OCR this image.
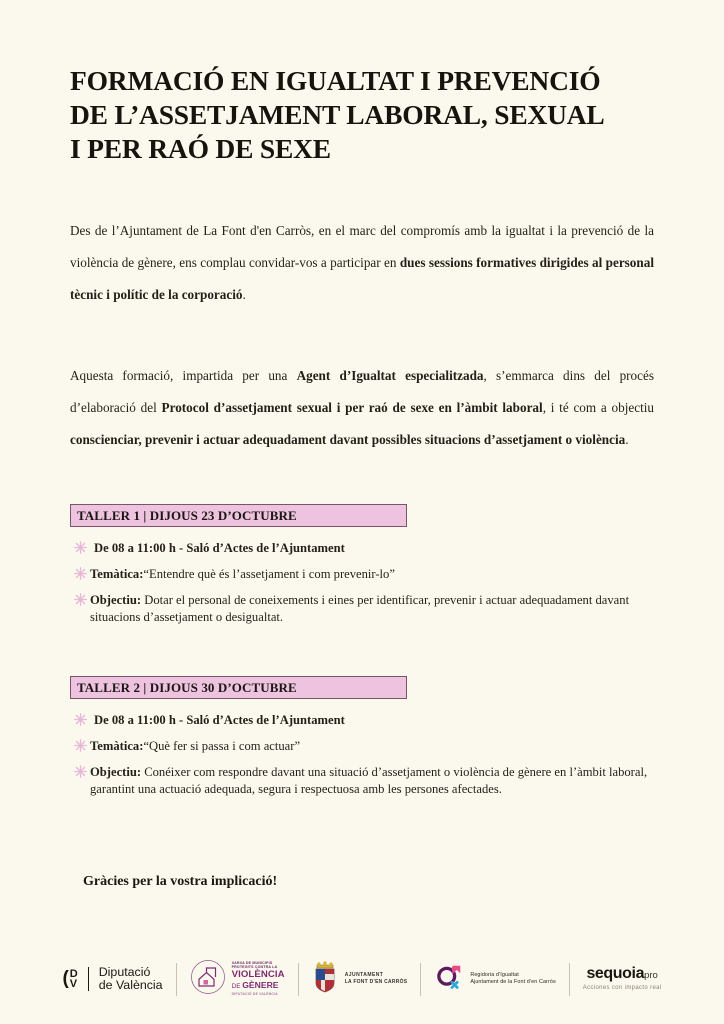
FORMACIÓ EN IGUALTAT I PREVENCIÓ
DE L’ASSETJAMENT LABORAL, SEXUAL
I PER RAÓ DE SEXE
Des de l’Ajuntament de La Font d'en Carròs, en el marc del compromís amb la igualtat i la prevenció de la violència de gènere, ens complau convidar-vos a participar en dues sessions formatives dirigides al personal tècnic i polític de la corporació.
Aquesta formació, impartida per una Agent d’Igualtat especialitzada, s’emmarca dins del procés d’elaboració del Protocol d’assetjament sexual i per raó de sexe en l’àmbit laboral, i té com a objectiu conscienciar, prevenir i actuar adequadament davant possibles situacions d’assetjament o violència.
TALLER 1 | DIJOUS 23 D’OCTUBRE
De 08 a 11:00 h - Saló d’Actes de l’Ajuntament
Temàtica:“Entendre què és l’assetjament i com prevenir-lo”
Objectiu: Dotar el personal de coneixements i eines per identificar, prevenir i actuar adequadament davant situacions d’assetjament o desigualtat.
TALLER 2 | DIJOUS 30 D’OCTUBRE
De 08 a 11:00 h - Saló d’Actes de l’Ajuntament
Temàtica:“Què fer si passa i com actuar”
Objectiu: Conéixer com respondre davant una situació d’assetjament o violència de gènere en l’àmbit laboral, garantint una actuació adequada, segura i respectuosa amb les persones afectades.
Gràcies per la vostra implicació!
( D
V
Diputació
de València
XARXA DE MUNICIPIS
PROTEGITS CONTRA LA
VIOLÈNCIA
DE GÈNERE
DIPUTACIÓ DE VALÈNCIA
AJUNTAMENT
LA FONT D’EN CARRÒS
Regidoria d’Igualtat
Ajuntament de la Font d’en Carròs sequoiapro
Acciones con impacto real
